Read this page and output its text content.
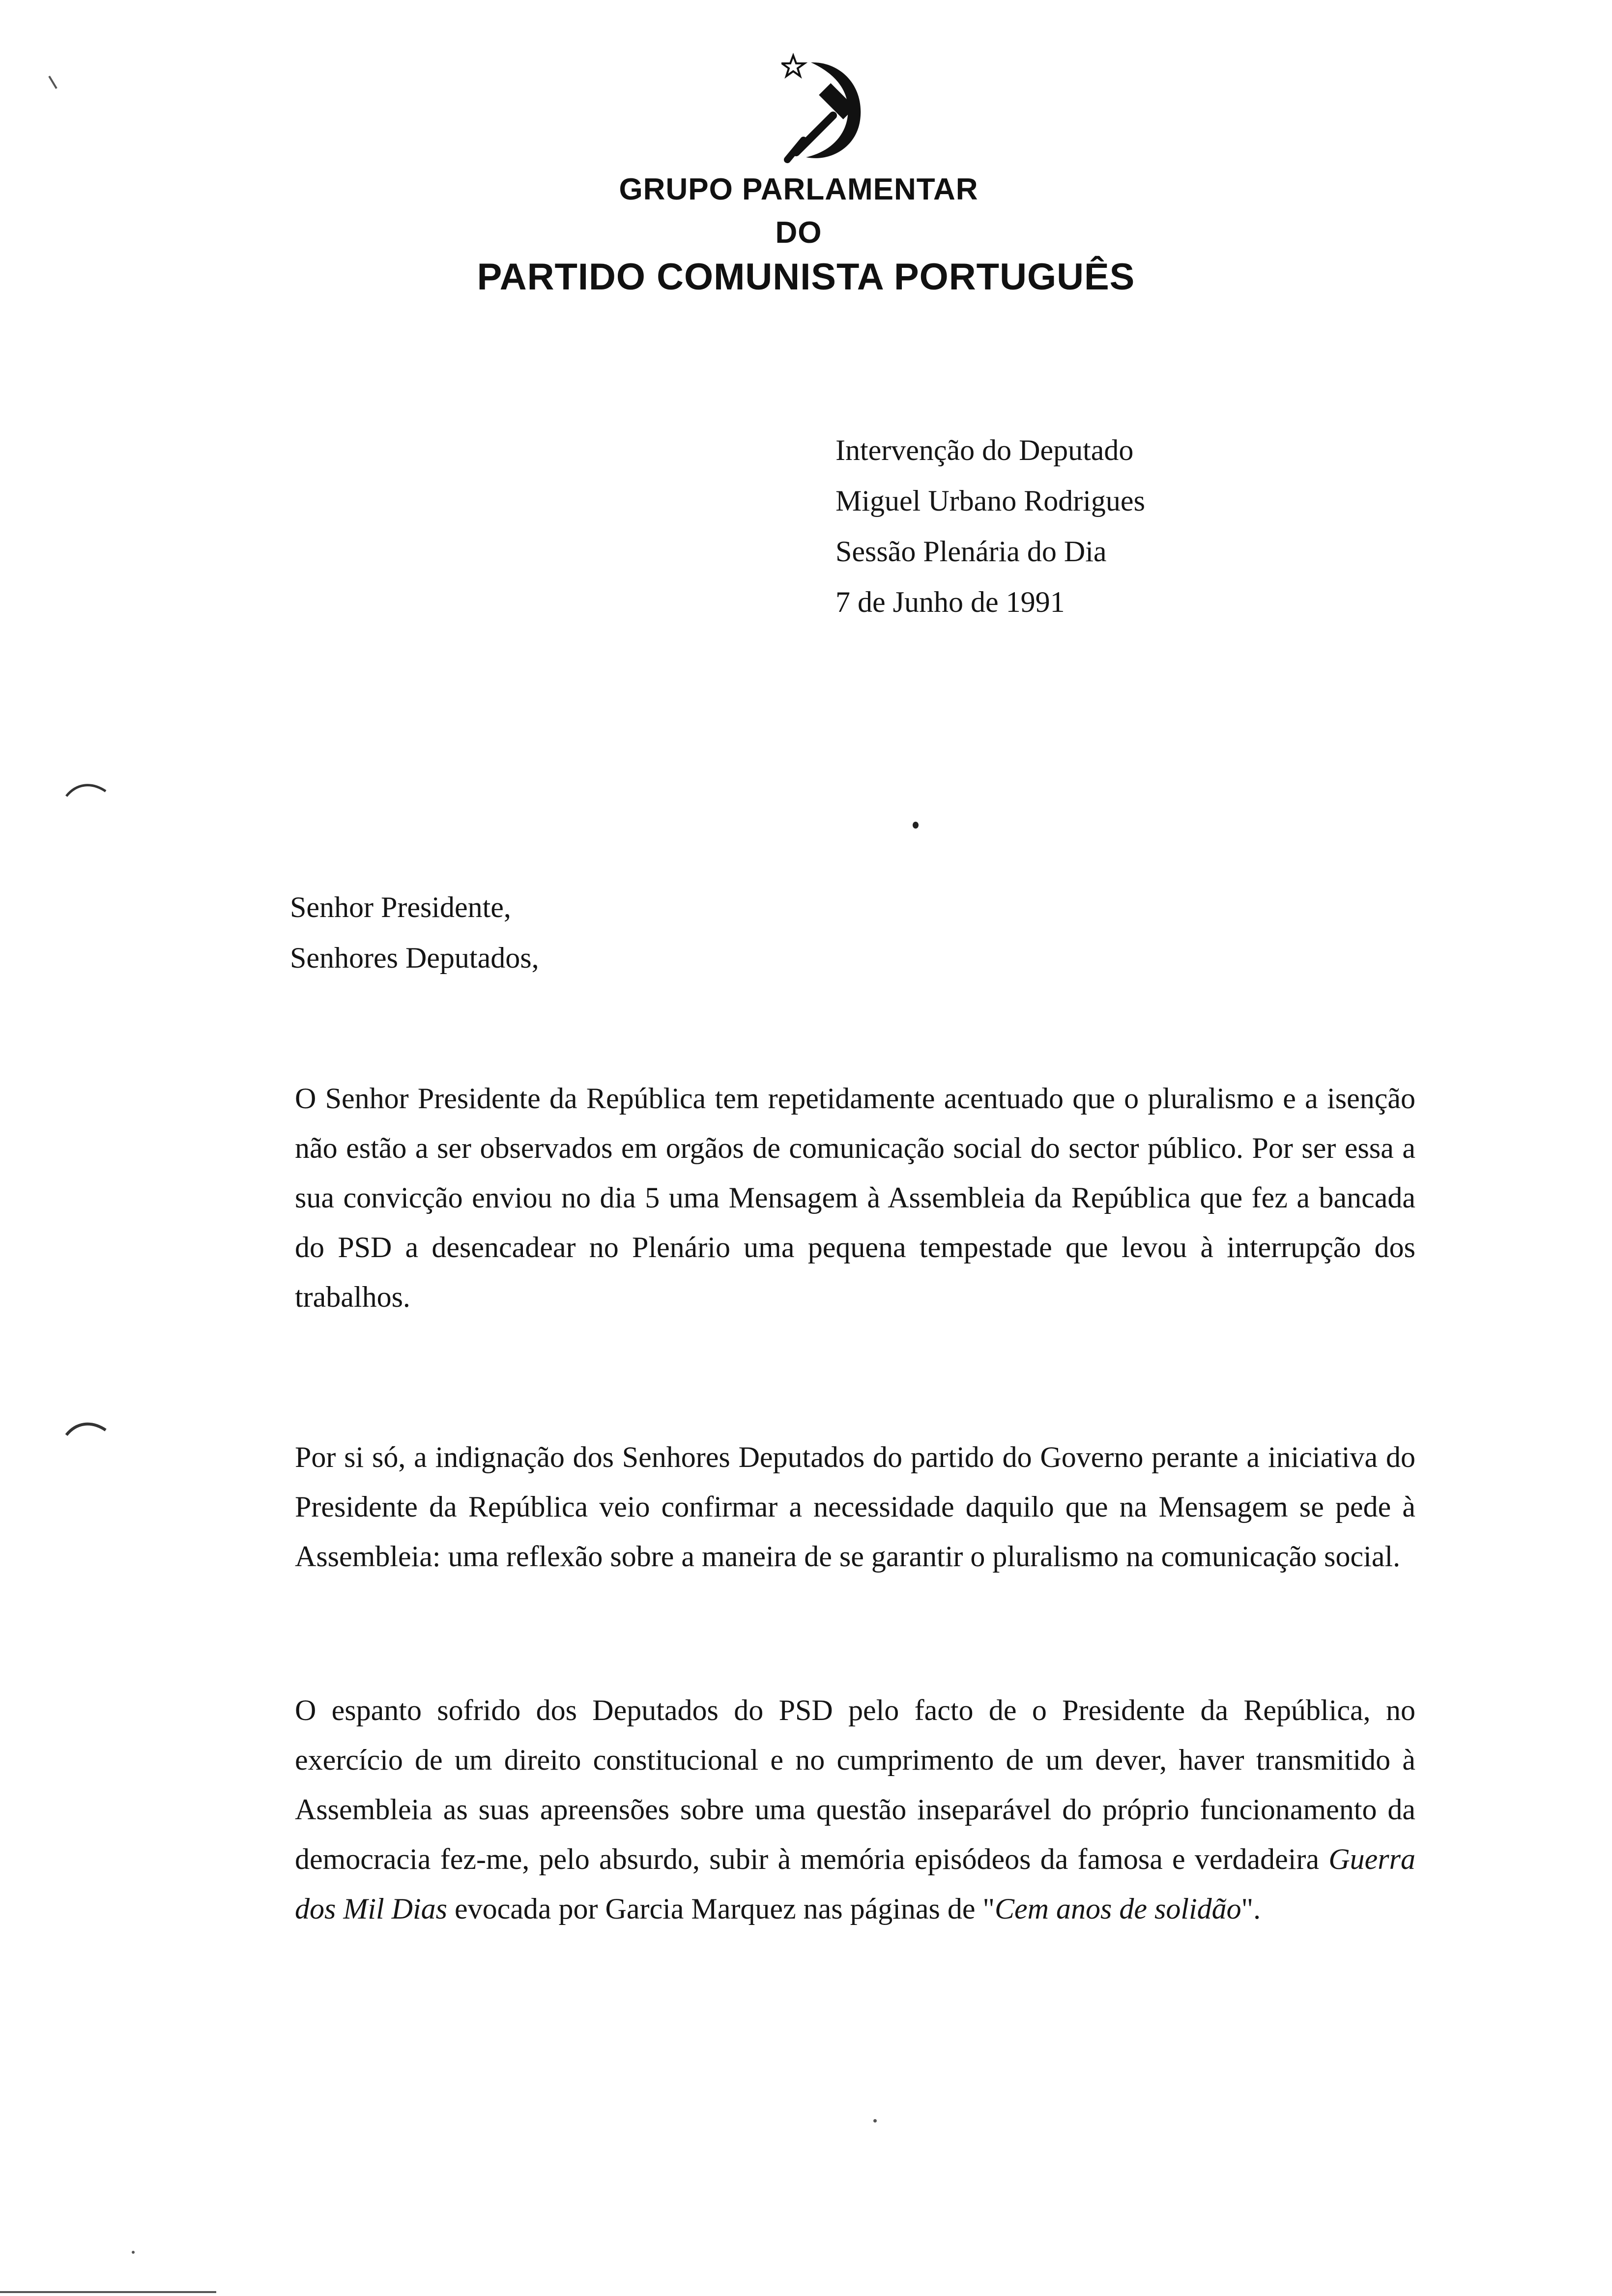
GRUPO PARLAMENTAR
DO
PARTIDO COMUNISTA PORTUGUÊS
Intervenção do Deputado
Miguel Urbano Rodrigues
Sessão Plenária do Dia
7 de Junho de 1991
Senhor Presidente,
Senhores Deputados,

O Senhor Presidente da República tem repetidamente acentuado que o pluralismo e a isenção não estão a ser observados em orgãos de comunicação social do sector público. Por ser essa a sua convicção enviou no dia 5 uma Mensagem à Assembleia da República que fez a bancada do PSD a desencadear no Plenário uma pequena tempestade que levou à interrupção dos trabalhos.

Por si só, a indignação dos Senhores Deputados do partido do Governo perante a iniciativa do Presidente da República veio confirmar a necessidade daquilo que na Mensagem se pede à Assembleia: uma reflexão sobre a maneira de se garantir o pluralismo na comunicação social.

O espanto sofrido dos Deputados do PSD pelo facto de o Presidente da República, no exercício de um direito constitucional e no cumprimento de um dever, haver transmitido à Assembleia as suas apreensões sobre uma questão inseparável do próprio funcionamento da democracia fez-me, pelo absurdo, subir à memória episódeos da famosa e verdadeira Guerra dos Mil Dias evocada por Garcia Marquez nas páginas de "Cem anos de solidão".
